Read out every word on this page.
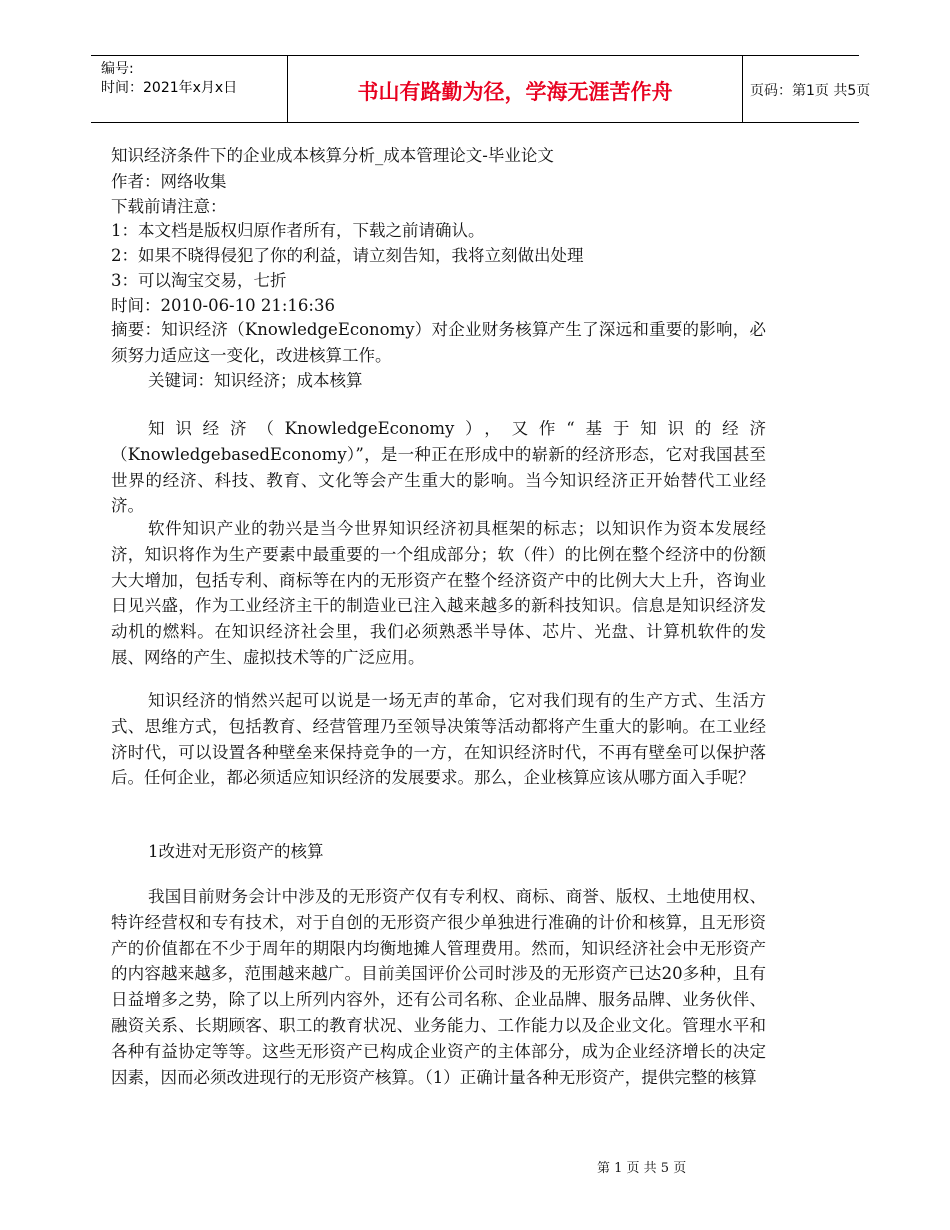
编号:
时间：2021年x月x日	书山有路勤为径，学海无涯苦作舟	页码：第1页 共5页
知识经济条件下的企业成本核算分析_成本管理论文-毕业论文
作者：网络收集
下载前请注意：
1：本文档是版权归原作者所有，下载之前请确认。
2：如果不晓得侵犯了你的利益，请立刻告知，我将立刻做出处理
3：可以淘宝交易，七折
时间：2010-06-10 21:16:36
摘要：知识经济（KnowledgeEconomy）对企业财务核算产生了深远和重要的影响，必须努力适应这一变化，改进核算工作。
关键词：知识经济；成本核算
知识经济（KnowledgeEconomy），又作“基于知识的经济（KnowledgebasedEconomy）”，是一种正在形成中的崭新的经济形态，它对我国甚至世界的经济、科技、教育、文化等会产生重大的影响。当今知识经济正开始替代工业经济。
软件知识产业的勃兴是当今世界知识经济初具框架的标志；以知识作为资本发展经济，知识将作为生产要素中最重要的一个组成部分；软（件）的比例在整个经济中的份额大大增加，包括专利、商标等在内的无形资产在整个经济资产中的比例大大上升，咨询业日见兴盛，作为工业经济主干的制造业已注入越来越多的新科技知识。信息是知识经济发动机的燃料。在知识经济社会里，我们必须熟悉半导体、芯片、光盘、计算机软件的发展、网络的产生、虚拟技术等的广泛应用。
知识经济的悄然兴起可以说是一场无声的革命，它对我们现有的生产方式、生活方式、思维方式，包括教育、经营管理乃至领导决策等活动都将产生重大的影响。在工业经济时代，可以设置各种壁垒来保持竞争的一方，在知识经济时代，不再有壁垒可以保护落后。任何企业，都必须适应知识经济的发展要求。那么，企业核算应该从哪方面入手呢？
1改进对无形资产的核算
我国目前财务会计中涉及的无形资产仅有专利权、商标、商誉、版权、土地使用权、特许经营权和专有技术，对于自创的无形资产很少单独进行准确的计价和核算，且无形资产的价值都在不少于周年的期限内均衡地摊人管理费用。然而，知识经济社会中无形资产的内容越来越多，范围越来越广。目前美国评价公司时涉及的无形资产已达20多种，且有日益增多之势，除了以上所列内容外，还有公司名称、企业品牌、服务品牌、业务伙伴、融资关系、长期顾客、职工的教育状况、业务能力、工作能力以及企业文化。管理水平和各种有益协定等等。这些无形资产已构成企业资产的主体部分，成为企业经济增长的决定因素，因而必须改进现行的无形资产核算。（1）正确计量各种无形资产，提供完整的核算
第 1 页 共 5 页
